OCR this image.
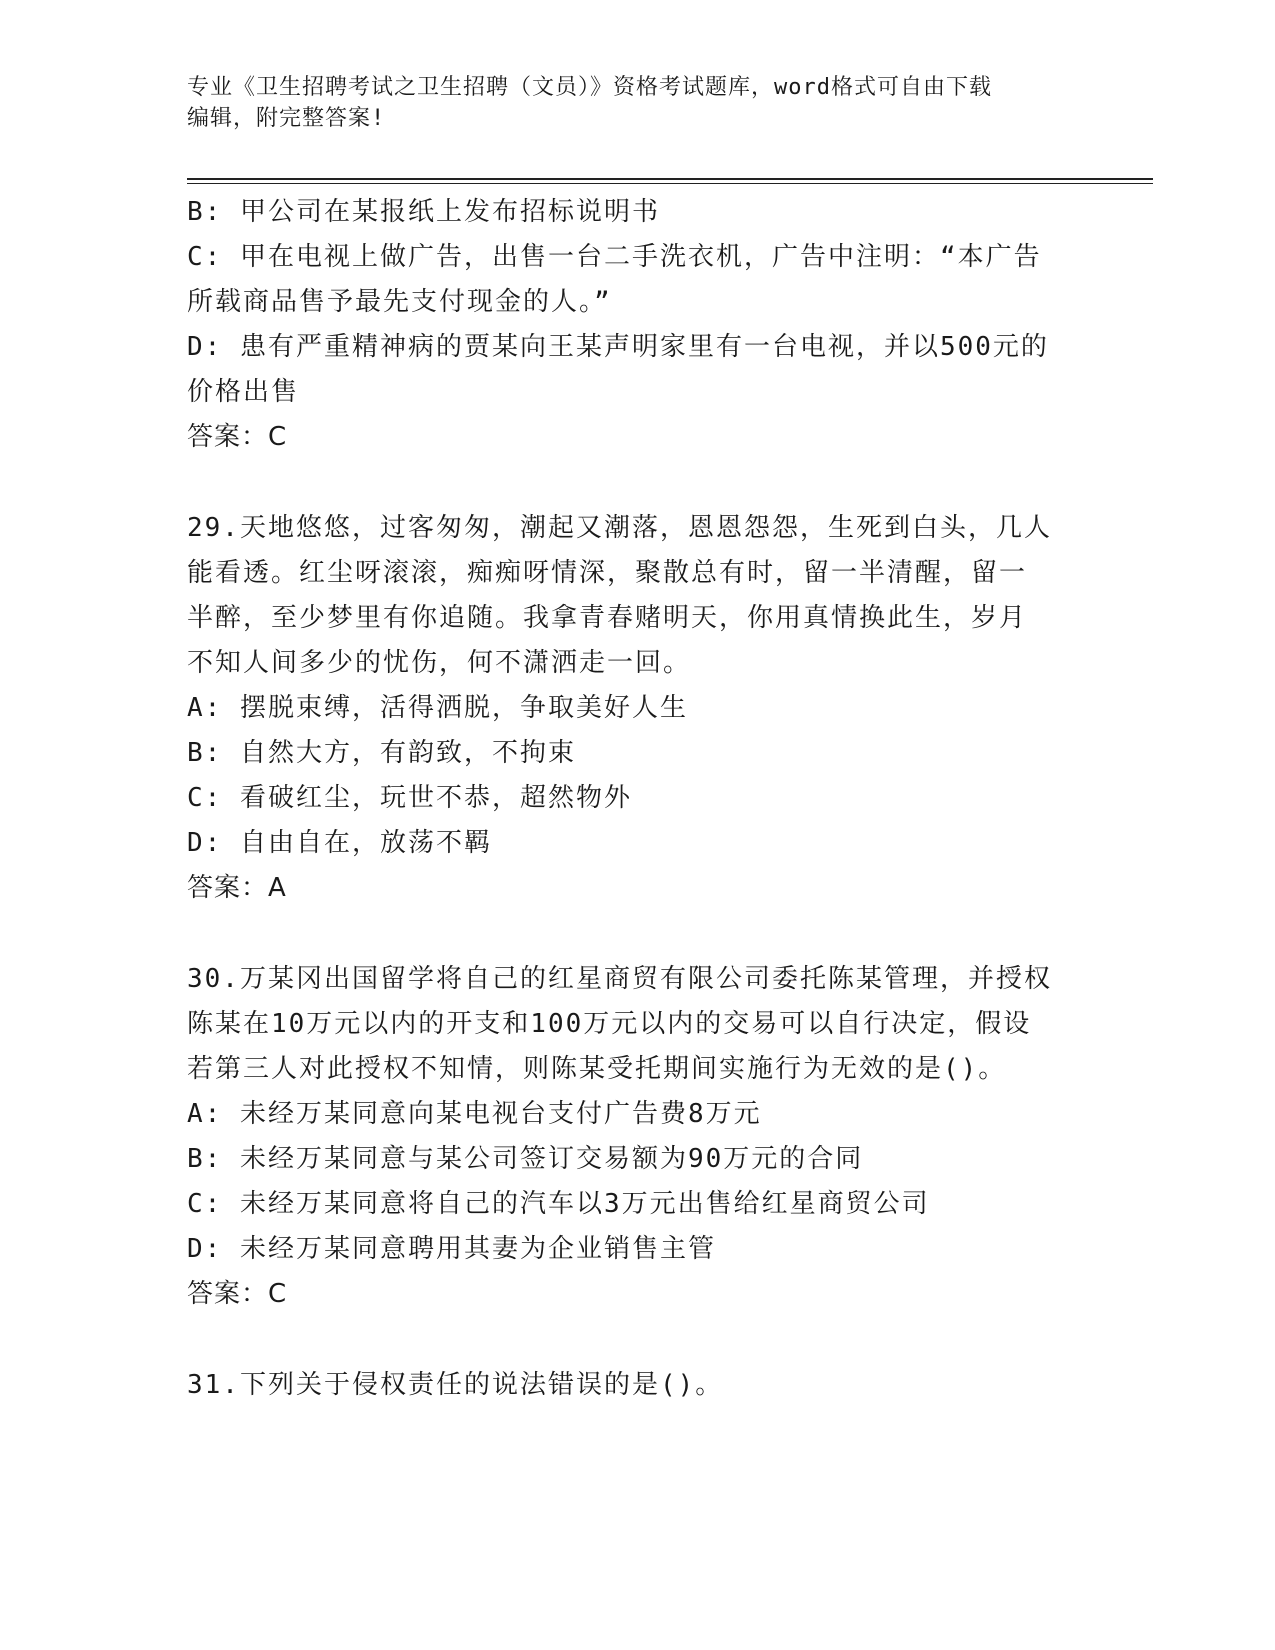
专业《卫生招聘考试之卫生招聘（文员）》资格考试题库，word格式可自由下载
编辑，附完整答案!
B: 甲公司在某报纸上发布招标说明书
C: 甲在电视上做广告，出售一台二手洗衣机，广告中注明：“本广告
所载商品售予最先支付现金的人。”
D: 患有严重精神病的贾某向王某声明家里有一台电视，并以500元的
价格出售
答案：C
29.天地悠悠，过客匆匆，潮起又潮落，恩恩怨怨，生死到白头，几人
能看透。红尘呀滚滚，痴痴呀情深，聚散总有时，留一半清醒，留一
半醉，至少梦里有你追随。我拿青春赌明天，你用真情换此生，岁月
不知人间多少的忧伤，何不潇洒走一回。
A: 摆脱束缚，活得洒脱，争取美好人生
B: 自然大方，有韵致，不拘束
C: 看破红尘，玩世不恭，超然物外
D: 自由自在，放荡不羁
答案：A
30.万某冈出国留学将自己的红星商贸有限公司委托陈某管理，并授权
陈某在10万元以内的开支和100万元以内的交易可以自行决定，假设
若第三人对此授权不知情，则陈某受托期间实施行为无效的是()。
A: 未经万某同意向某电视台支付广告费8万元
B: 未经万某同意与某公司签订交易额为90万元的合同
C: 未经万某同意将自己的汽车以3万元出售给红星商贸公司
D: 未经万某同意聘用其妻为企业销售主管
答案：C
31.下列关于侵权责任的说法错误的是()。
